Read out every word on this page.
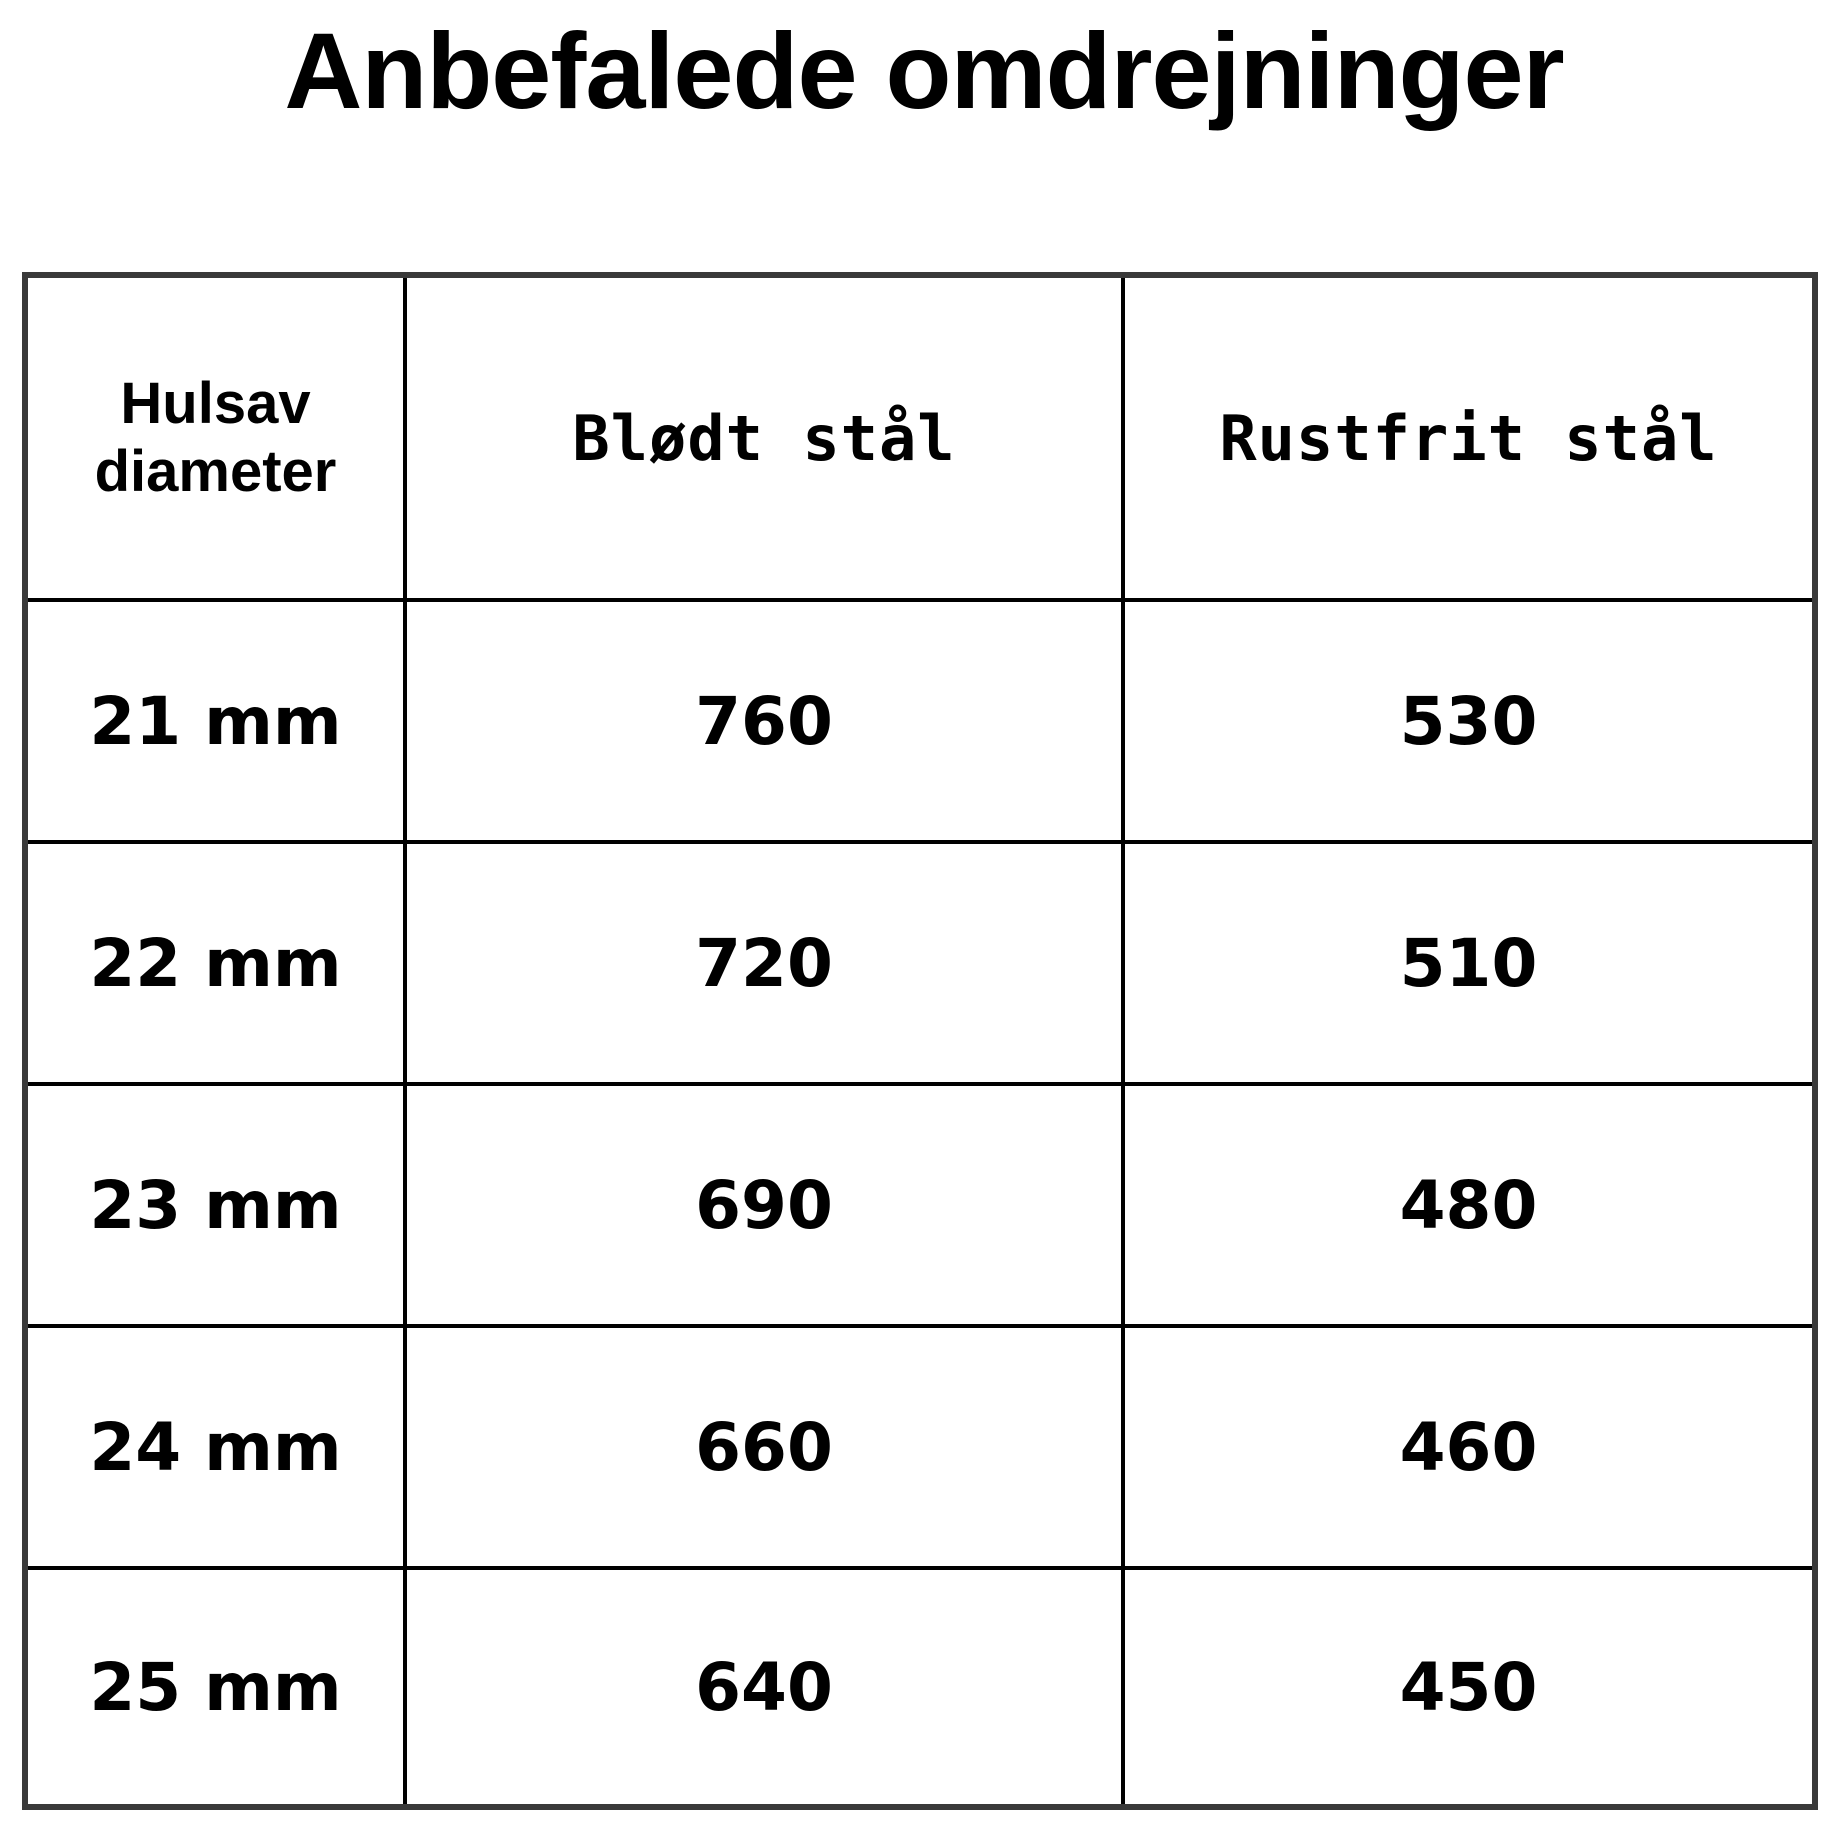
Anbefalede omdrejninger
Hulsav
diameter	Blødt stål	Rustfrit stål
21 mm	760	530
22 mm	720	510
23 mm	690	480
24 mm	660	460
25 mm	640	450
